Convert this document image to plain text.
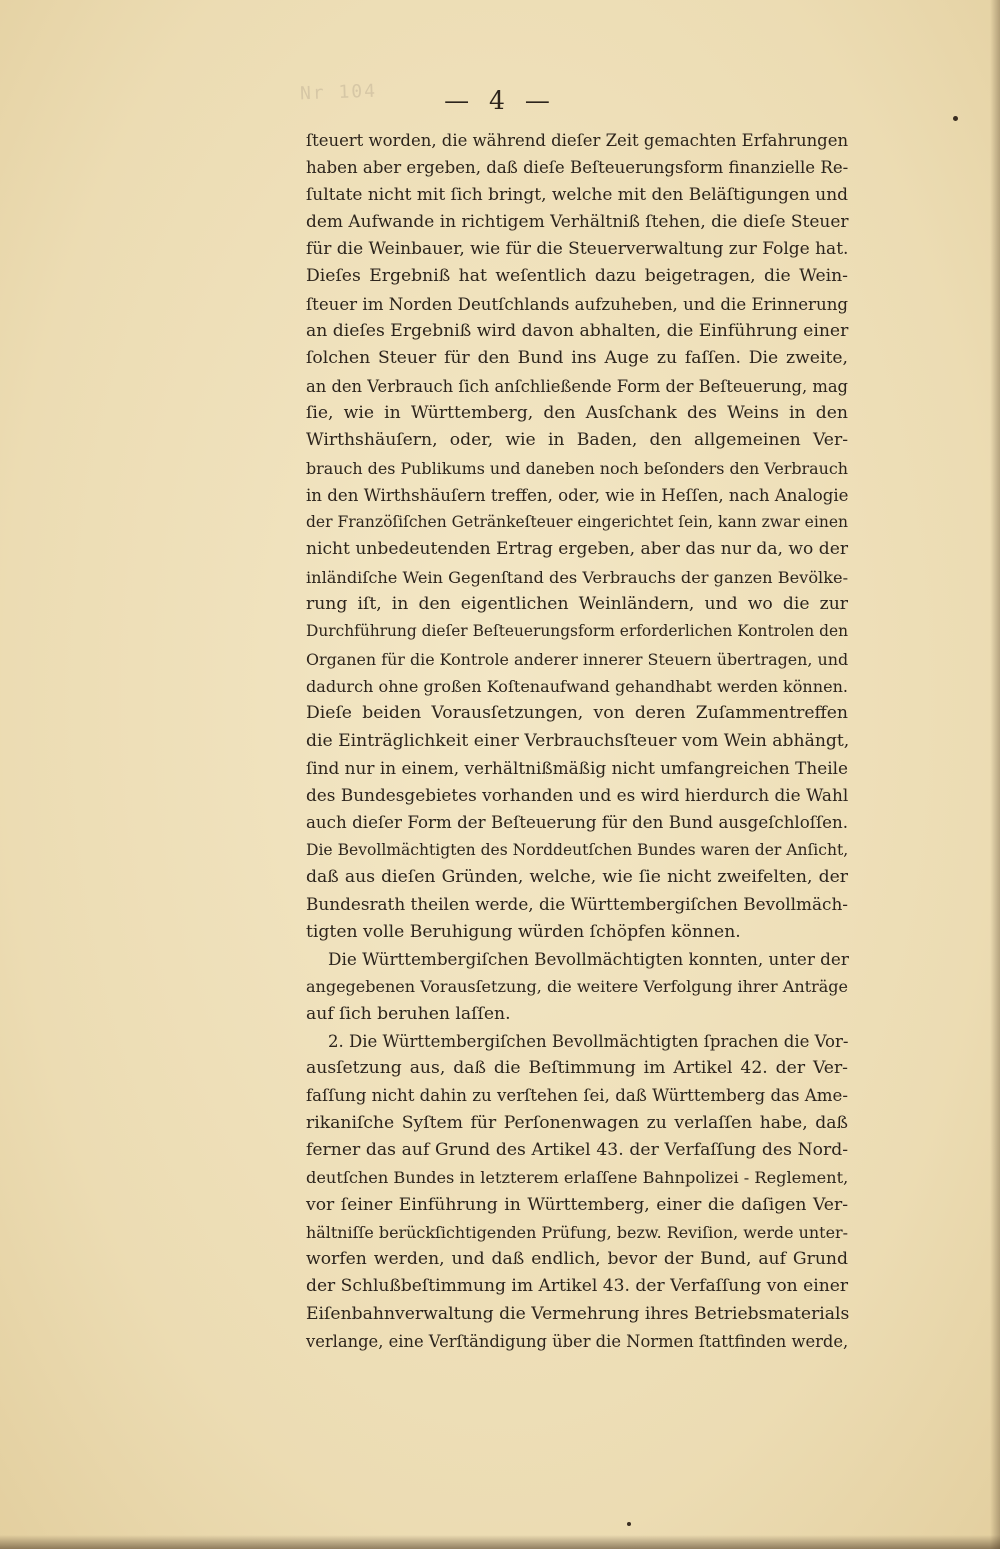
Nr 104	— 4 —
ſteuert worden, die während dieſer Zeit gemachten Erfahrungen
haben aber ergeben, daß dieſe Beſteuerungsform finanzielle Re-
ſultate nicht mit ſich bringt, welche mit den Beläſtigungen und
dem Aufwande in richtigem Verhältniß ſtehen, die dieſe Steuer
für die Weinbauer, wie für die Steuerverwaltung zur Folge hat.
Dieſes Ergebniß hat weſentlich dazu beigetragen, die Wein-
ſteuer im Norden Deutſchlands aufzuheben, und die Erinnerung
an dieſes Ergebniß wird davon abhalten, die Einführung einer
ſolchen Steuer für den Bund ins Auge zu faſſen. Die zweite,
an den Verbrauch ſich anſchließende Form der Beſteuerung, mag
ſie, wie in Württemberg, den Ausſchank des Weins in den
Wirthshäuſern, oder, wie in Baden, den allgemeinen Ver-
brauch des Publikums und daneben noch beſonders den Verbrauch
in den Wirthshäuſern treffen, oder, wie in Heſſen, nach Analogie
der Franzöſiſchen Getränkeſteuer eingerichtet ſein, kann zwar einen
nicht unbedeutenden Ertrag ergeben, aber das nur da, wo der
inländiſche Wein Gegenſtand des Verbrauchs der ganzen Bevölke-
rung iſt, in den eigentlichen Weinländern, und wo die zur
Durchführung dieſer Beſteuerungsform erforderlichen Kontrolen den
Organen für die Kontrole anderer innerer Steuern übertragen, und
dadurch ohne großen Koſtenaufwand gehandhabt werden können.
Dieſe beiden Vorausſetzungen, von deren Zuſammentreffen
die Einträglichkeit einer Verbrauchsſteuer vom Wein abhängt,
ſind nur in einem, verhältnißmäßig nicht umfangreichen Theile
des Bundesgebietes vorhanden und es wird hierdurch die Wahl
auch dieſer Form der Beſteuerung für den Bund ausgeſchloſſen.
Die Bevollmächtigten des Norddeutſchen Bundes waren der Anſicht,
daß aus dieſen Gründen, welche, wie ſie nicht zweifelten, der
Bundesrath theilen werde, die Württembergiſchen Bevollmäch-
tigten volle Beruhigung würden ſchöpfen können.
Die Württembergiſchen Bevollmächtigten konnten, unter der
angegebenen Vorausſetzung, die weitere Verfolgung ihrer Anträge
auf ſich beruhen laſſen.
2. Die Württembergiſchen Bevollmächtigten ſprachen die Vor-
ausſetzung aus, daß die Beſtimmung im Artikel 42. der Ver-
faſſung nicht dahin zu verſtehen ſei, daß Württemberg das Ame-
rikaniſche Syſtem für Perſonenwagen zu verlaſſen habe, daß
ferner das auf Grund des Artikel 43. der Verfaſſung des Nord-
deutſchen Bundes in letzterem erlaſſene Bahnpolizei - Reglement,
vor ſeiner Einführung in Württemberg, einer die daſigen Ver-
hältniſſe berückſichtigenden Prüfung, bezw. Reviſion, werde unter-
worfen werden, und daß endlich, bevor der Bund, auf Grund
der Schlußbeſtimmung im Artikel 43. der Verfaſſung von einer
Eiſenbahnverwaltung die Vermehrung ihres Betriebsmaterials
verlange, eine Verſtändigung über die Normen ſtattfinden werde,
